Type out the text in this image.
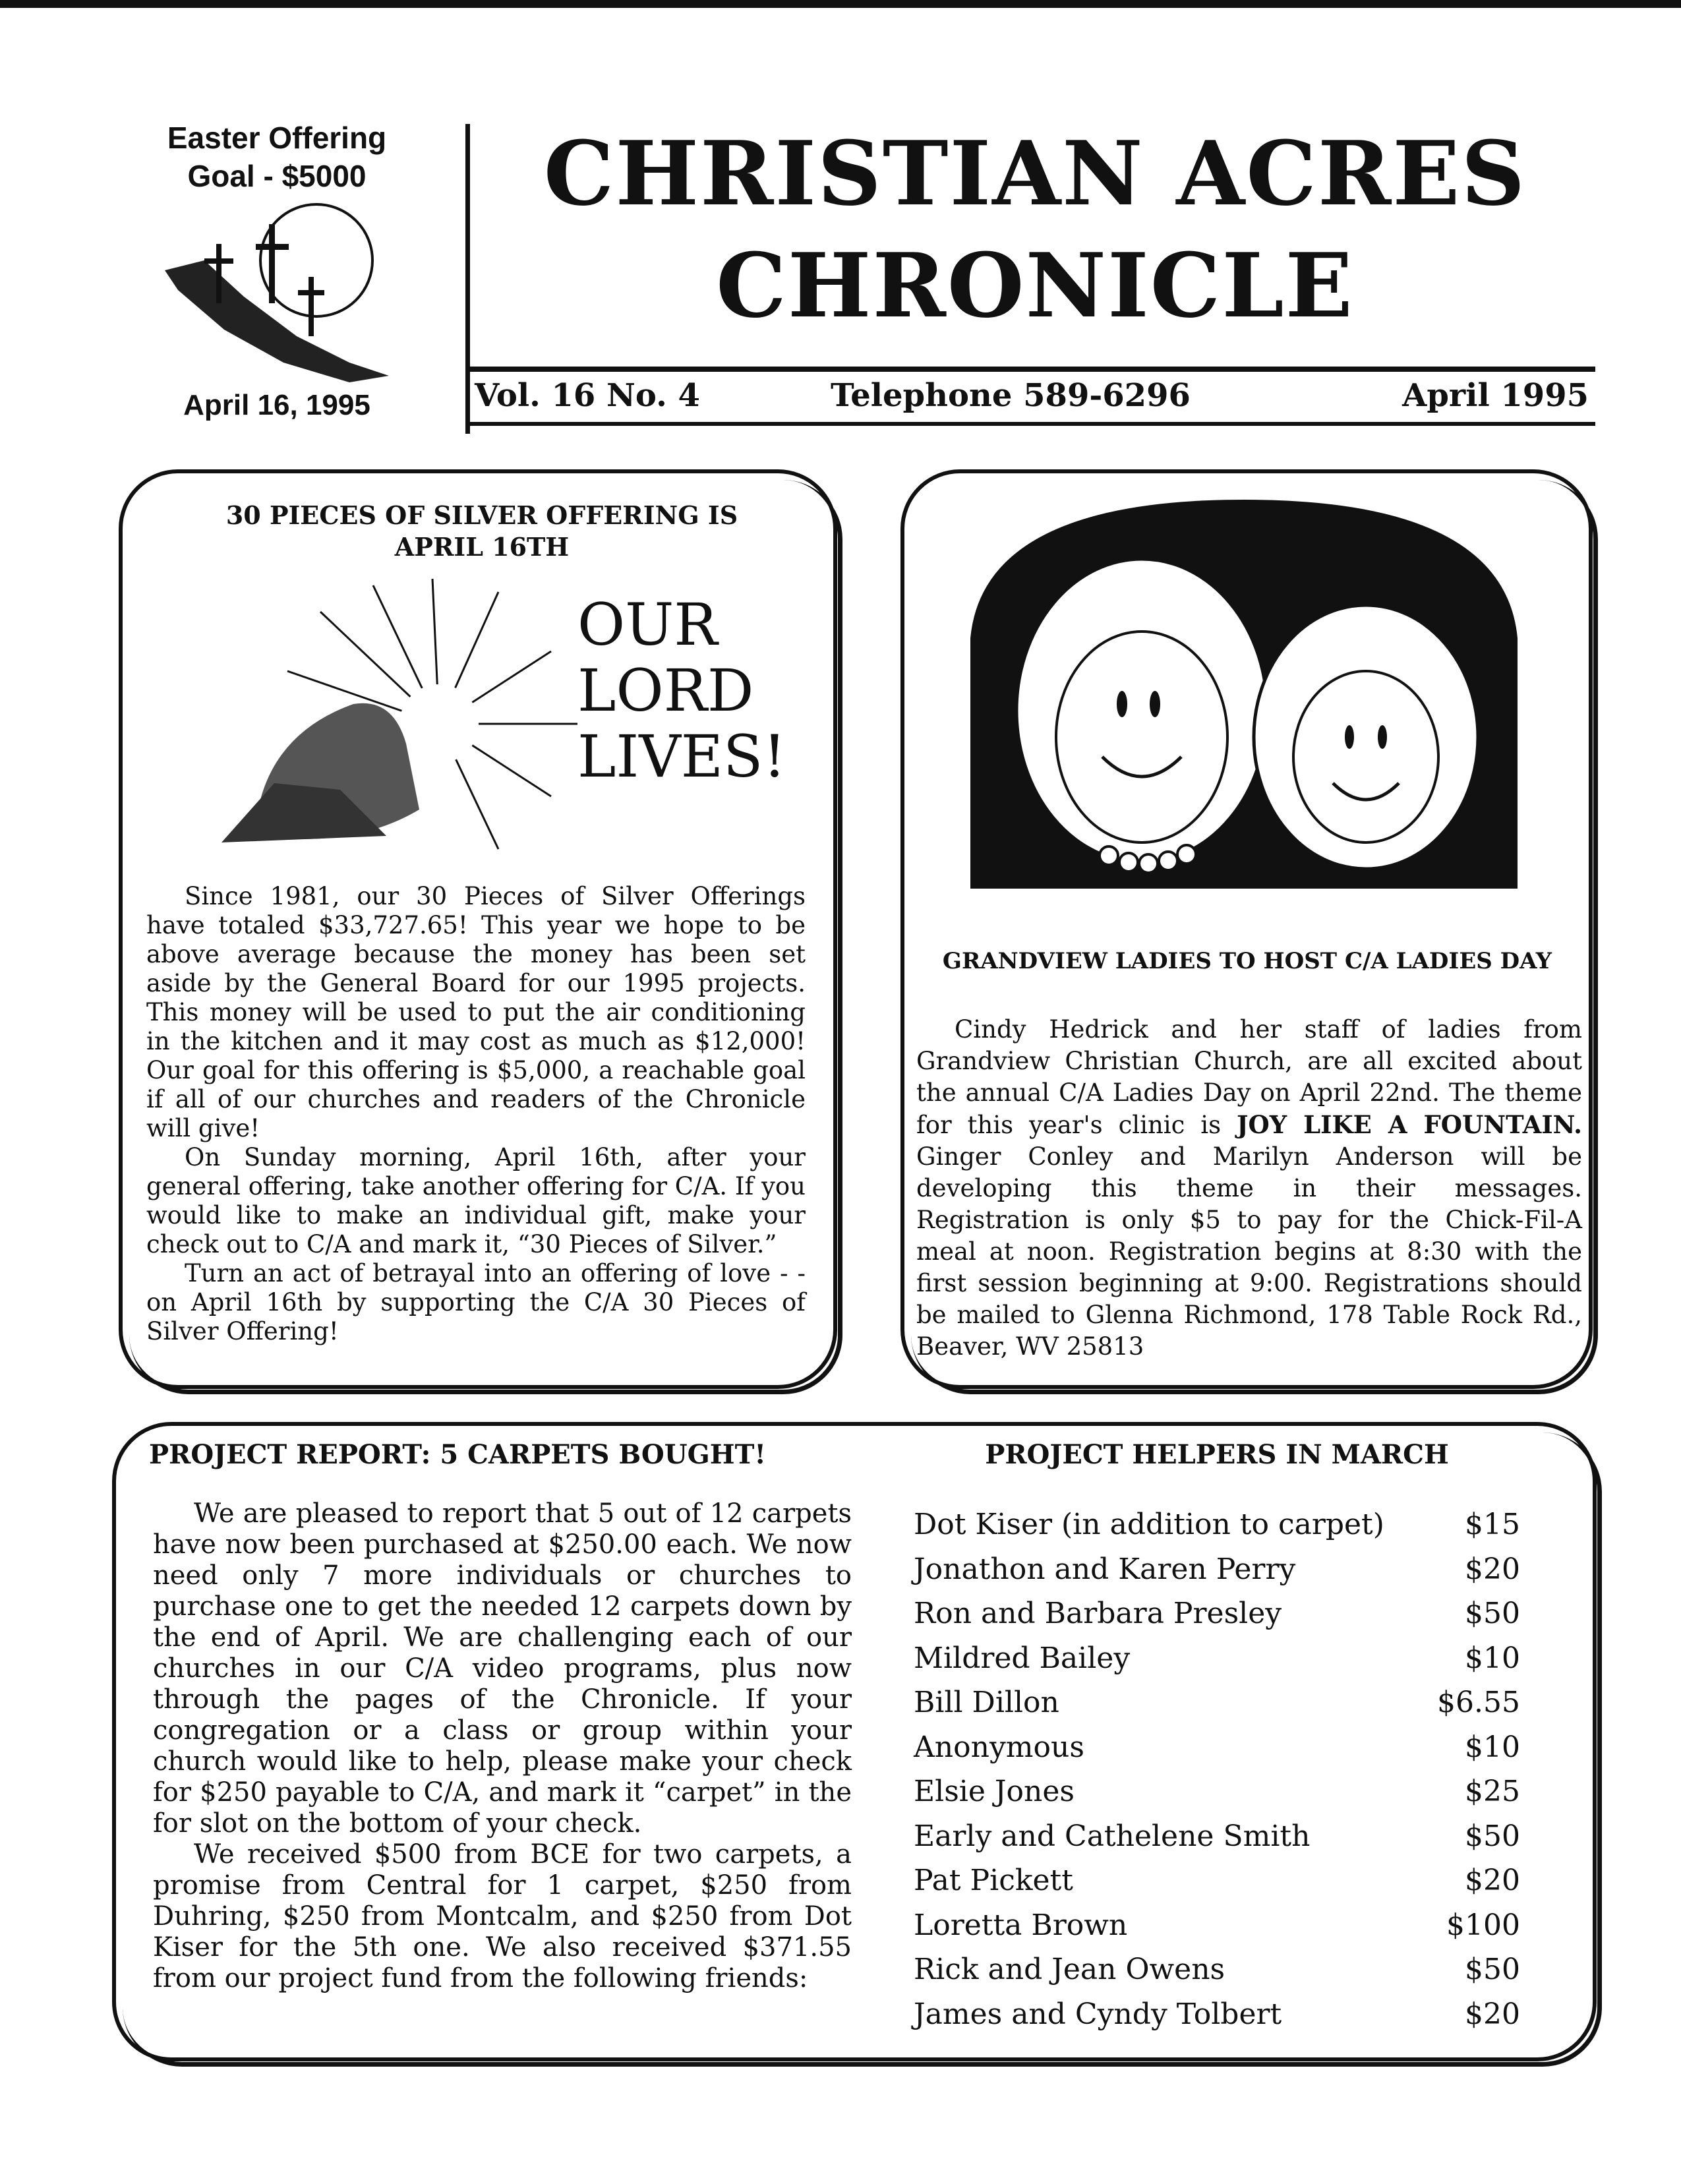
Easter Offering
Goal - $5000
April 16, 1995
CHRISTIAN ACRES
CHRONICLE
Vol. 16 No. 4	Telephone 589-6296	April 1995
30 PIECES OF SILVER OFFERING IS
APRIL 16TH
OUR
LORD
LIVES!

Since 1981, our 30 Pieces of Silver Offerings have totaled $33,727.65! This year we hope to be above average because the money has been set aside by the General Board for our 1995 projects. This money will be used to put the air conditioning in the kitchen and it may cost as much as $12,000! Our goal for this offering is $5,000, a reachable goal if all of our churches and readers of the Chronicle will give!

On Sunday morning, April 16th, after your general offering, take another offering for C/A. If you would like to make an individual gift, make your check out to C/A and mark it, “30 Pieces of Silver.”

Turn an act of betrayal into an offering of love - - on April 16th by supporting the C/A 30 Pieces of Silver Offering!

GRANDVIEW LADIES TO HOST C/A LADIES DAY

Cindy Hedrick and her staff of ladies from Grandview Christian Church, are all excited about the annual C/A Ladies Day on April 22nd. The theme for this year's clinic is JOY LIKE A FOUNTAIN. Ginger Conley and Marilyn Anderson will be developing this theme in their messages. Registration is only $5 to pay for the Chick-Fil-A meal at noon. Registration begins at 8:30 with the first session beginning at 9:00. Registrations should be mailed to Glenna Richmond, 178 Table Rock Rd., Beaver, WV 25813

PROJECT REPORT: 5 CARPETS BOUGHT!

We are pleased to report that 5 out of 12 carpets have now been purchased at $250.00 each. We now need only 7 more individuals or churches to purchase one to get the needed 12 carpets down by the end of April. We are challenging each of our churches in our C/A video programs, plus now through the pages of the Chronicle. If your congregation or a class or group within your church would like to help, please make your check for $250 payable to C/A, and mark it “carpet” in the for slot on the bottom of your check.

We received $500 from BCE for two carpets, a promise from Central for 1 carpet, $250 from Duhring, $250 from Montcalm, and $250 from Dot Kiser for the 5th one. We also received $371.55 from our project fund from the following friends:

PROJECT HELPERS IN MARCH
Dot Kiser (in addition to carpet)	$15
Jonathon and Karen Perry	$20
Ron and Barbara Presley	$50
Mildred Bailey	$10
Bill Dillon	$6.55
Anonymous	$10
Elsie Jones	$25
Early and Cathelene Smith	$50
Pat Pickett	$20
Loretta Brown	$100
Rick and Jean Owens	$50
James and Cyndy Tolbert	$20
